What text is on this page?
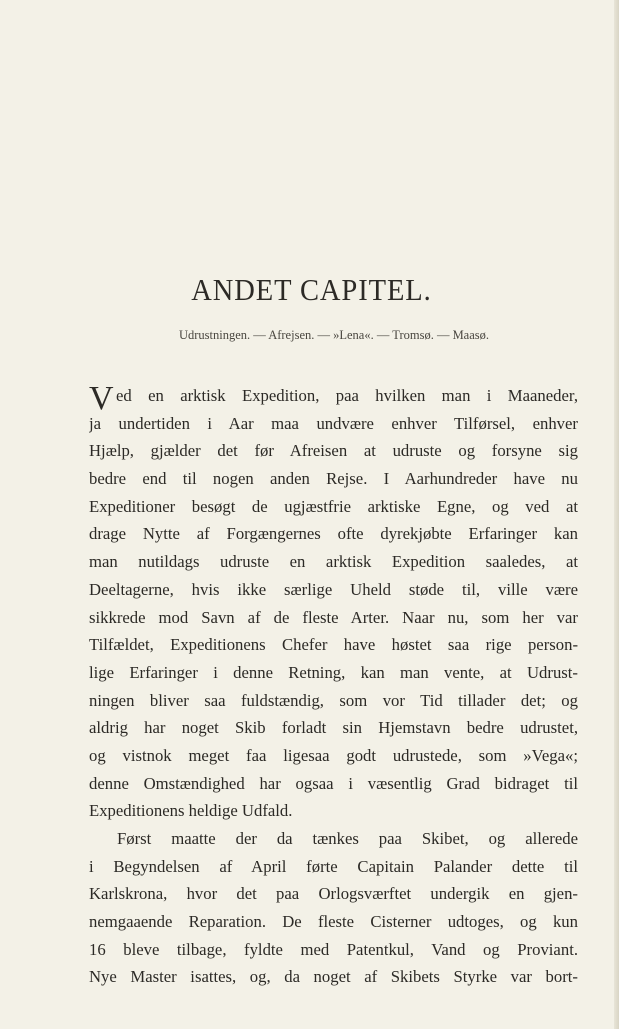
ANDET CAPITEL.

Udrustningen. — Afrejsen. — »Lena«. — Tromsø. — Maasø.

V ed en arktisk Expedition, paa hvilken man i Maaneder,
ja undertiden i Aar maa undvære enhver Tilførsel, enhver
Hjælp, gjælder det før Afreisen at udruste og forsyne sig
bedre end til nogen anden Rejse. I Aarhundreder have nu
Expeditioner besøgt de ugjæstfrie arktiske Egne, og ved at
drage Nytte af Forgængernes ofte dyrekjøbte Erfaringer kan
man nutildags udruste en arktisk Expedition saaledes, at
Deeltagerne, hvis ikke særlige Uheld støde til, ville være
sikkrede mod Savn af de fleste Arter. Naar nu, som her var
Tilfældet, Expeditionens Chefer have høstet saa rige person-
lige Erfaringer i denne Retning, kan man vente, at Udrust-
ningen bliver saa fuldstændig, som vor Tid tillader det; og
aldrig har noget Skib forladt sin Hjemstavn bedre udrustet,
og vistnok meget faa ligesaa godt udrustede, som »Vega«;
denne Omstændighed har ogsaa i væsentlig Grad bidraget til
Expeditionens heldige Udfald.
Først maatte der da tænkes paa Skibet, og allerede
i Begyndelsen af April førte Capitain Palander dette til
Karlskrona, hvor det paa Orlogsværftet undergik en gjen-
nemgaaende Reparation. De fleste Cisterner udtoges, og kun
16 bleve tilbage, fyldte med Patentkul, Vand og Proviant.
Nye Master isattes, og, da noget af Skibets Styrke var bort-
